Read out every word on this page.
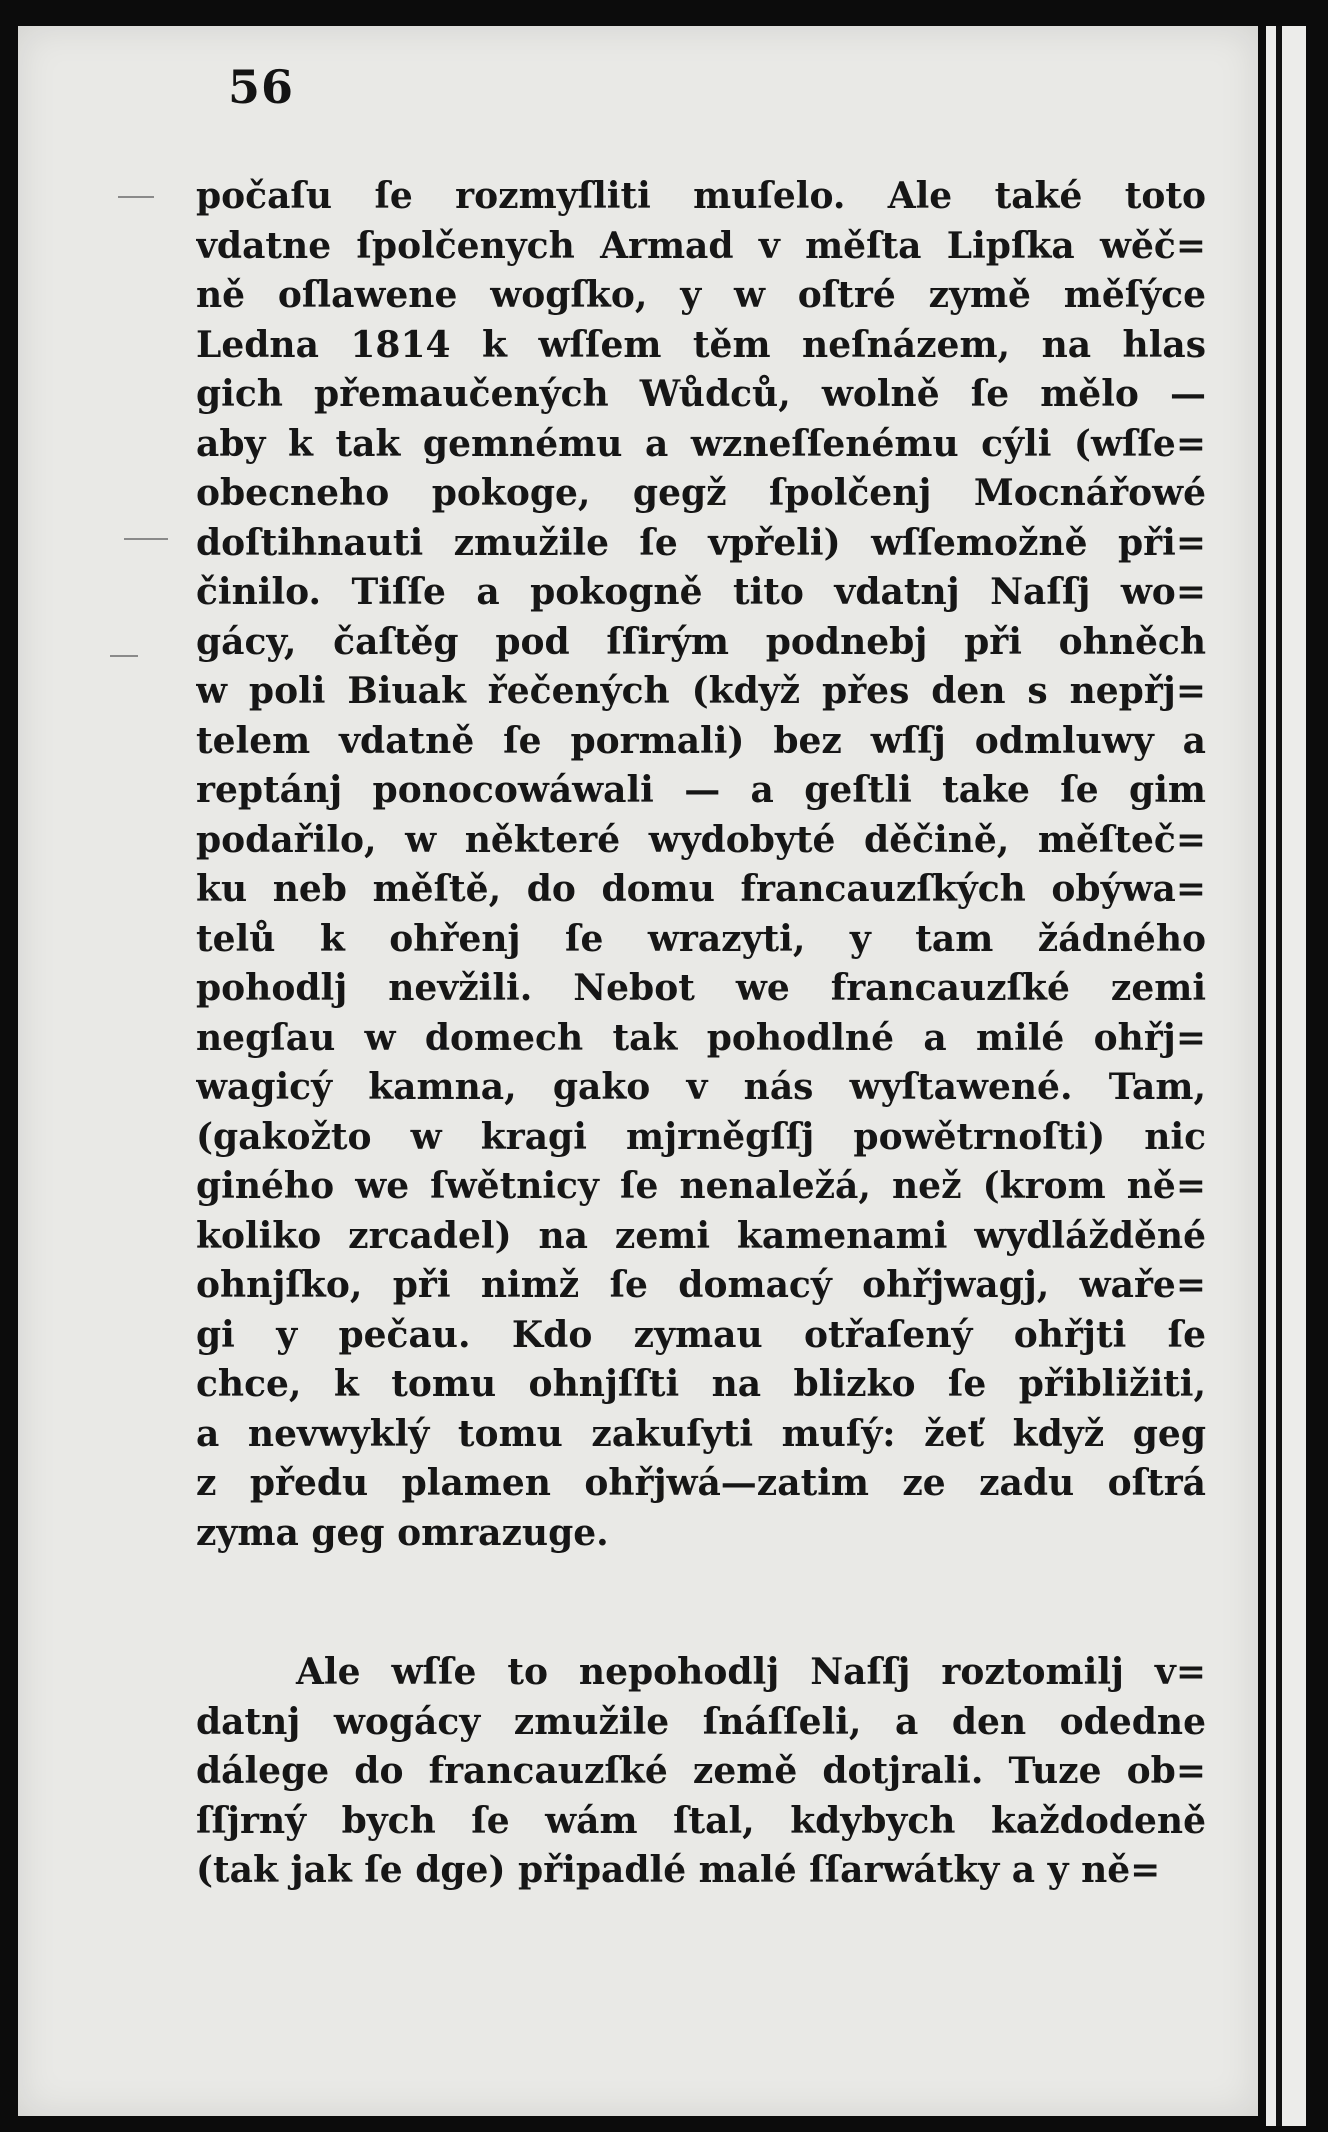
56
počaſu ſe rozmyſliti muſelo. Ale také toto
vdatne ſpolčenych Armad v měſta Lipſka wěč=
ně oſlawene wogſko, y w oſtré zymě měſýce
Ledna 1814 k wſſem těm neſnázem, na hlas
gich přemaučených Wůdců, wolně ſe mělo —
aby k tak gemnému a wzneſſenému cýli (wſſe=
obecneho pokoge, gegž ſpolčenj Mocnářowé
doſtihnauti zmužile ſe vpřeli) wſſemožně při=
činilo. Tiſſe a pokogně tito vdatnj Naſſj wo=
gácy, čaſtěg pod ſſirým podnebj při ohněch
w poli Biuak řečených (když přes den s nepřj=
telem vdatně ſe pormali) bez wſſj odmluwy a
reptánj ponocowáwali — a geſtli take ſe gim
podařilo, w některé wydobyté děčině, měſteč=
ku neb měſtě, do domu francauzſkých obýwa=
telů k ohřenj ſe wrazyti, y tam žádného
pohodlj nevžili. Nebot we francauzſké zemi
negſau w domech tak pohodlné a milé ohřj=
wagicý kamna, gako v nás wyſtawené. Tam,
(gakožto w kragi mjrněgſſj powětrnoſti) nic
giného we ſwětnicy ſe nenaležá, než (krom ně=
koliko zrcadel) na zemi kamenami wydlážděné
ohnjſko, při nimž ſe domacý ohřjwagj, waře=
gi y pečau. Kdo zymau otřaſený ohřjti ſe
chce, k tomu ohnjſſti na blizko ſe přibližiti,
a nevwyklý tomu zakuſyti muſý: žeť když geg
z předu plamen ohřjwá—zatim ze zadu oſtrá
zyma geg omrazuge.
Ale wſſe to nepohodlj Naſſj roztomilj v=
datnj wogácy zmužile ſnáſſeli, a den odedne
dálege do francauzſké země dotjrali. Tuze ob=
ſſjrný bych ſe wám ſtal, kdybych každodeně
(tak jak ſe dge) připadlé malé ſſarwátky a y ně=
